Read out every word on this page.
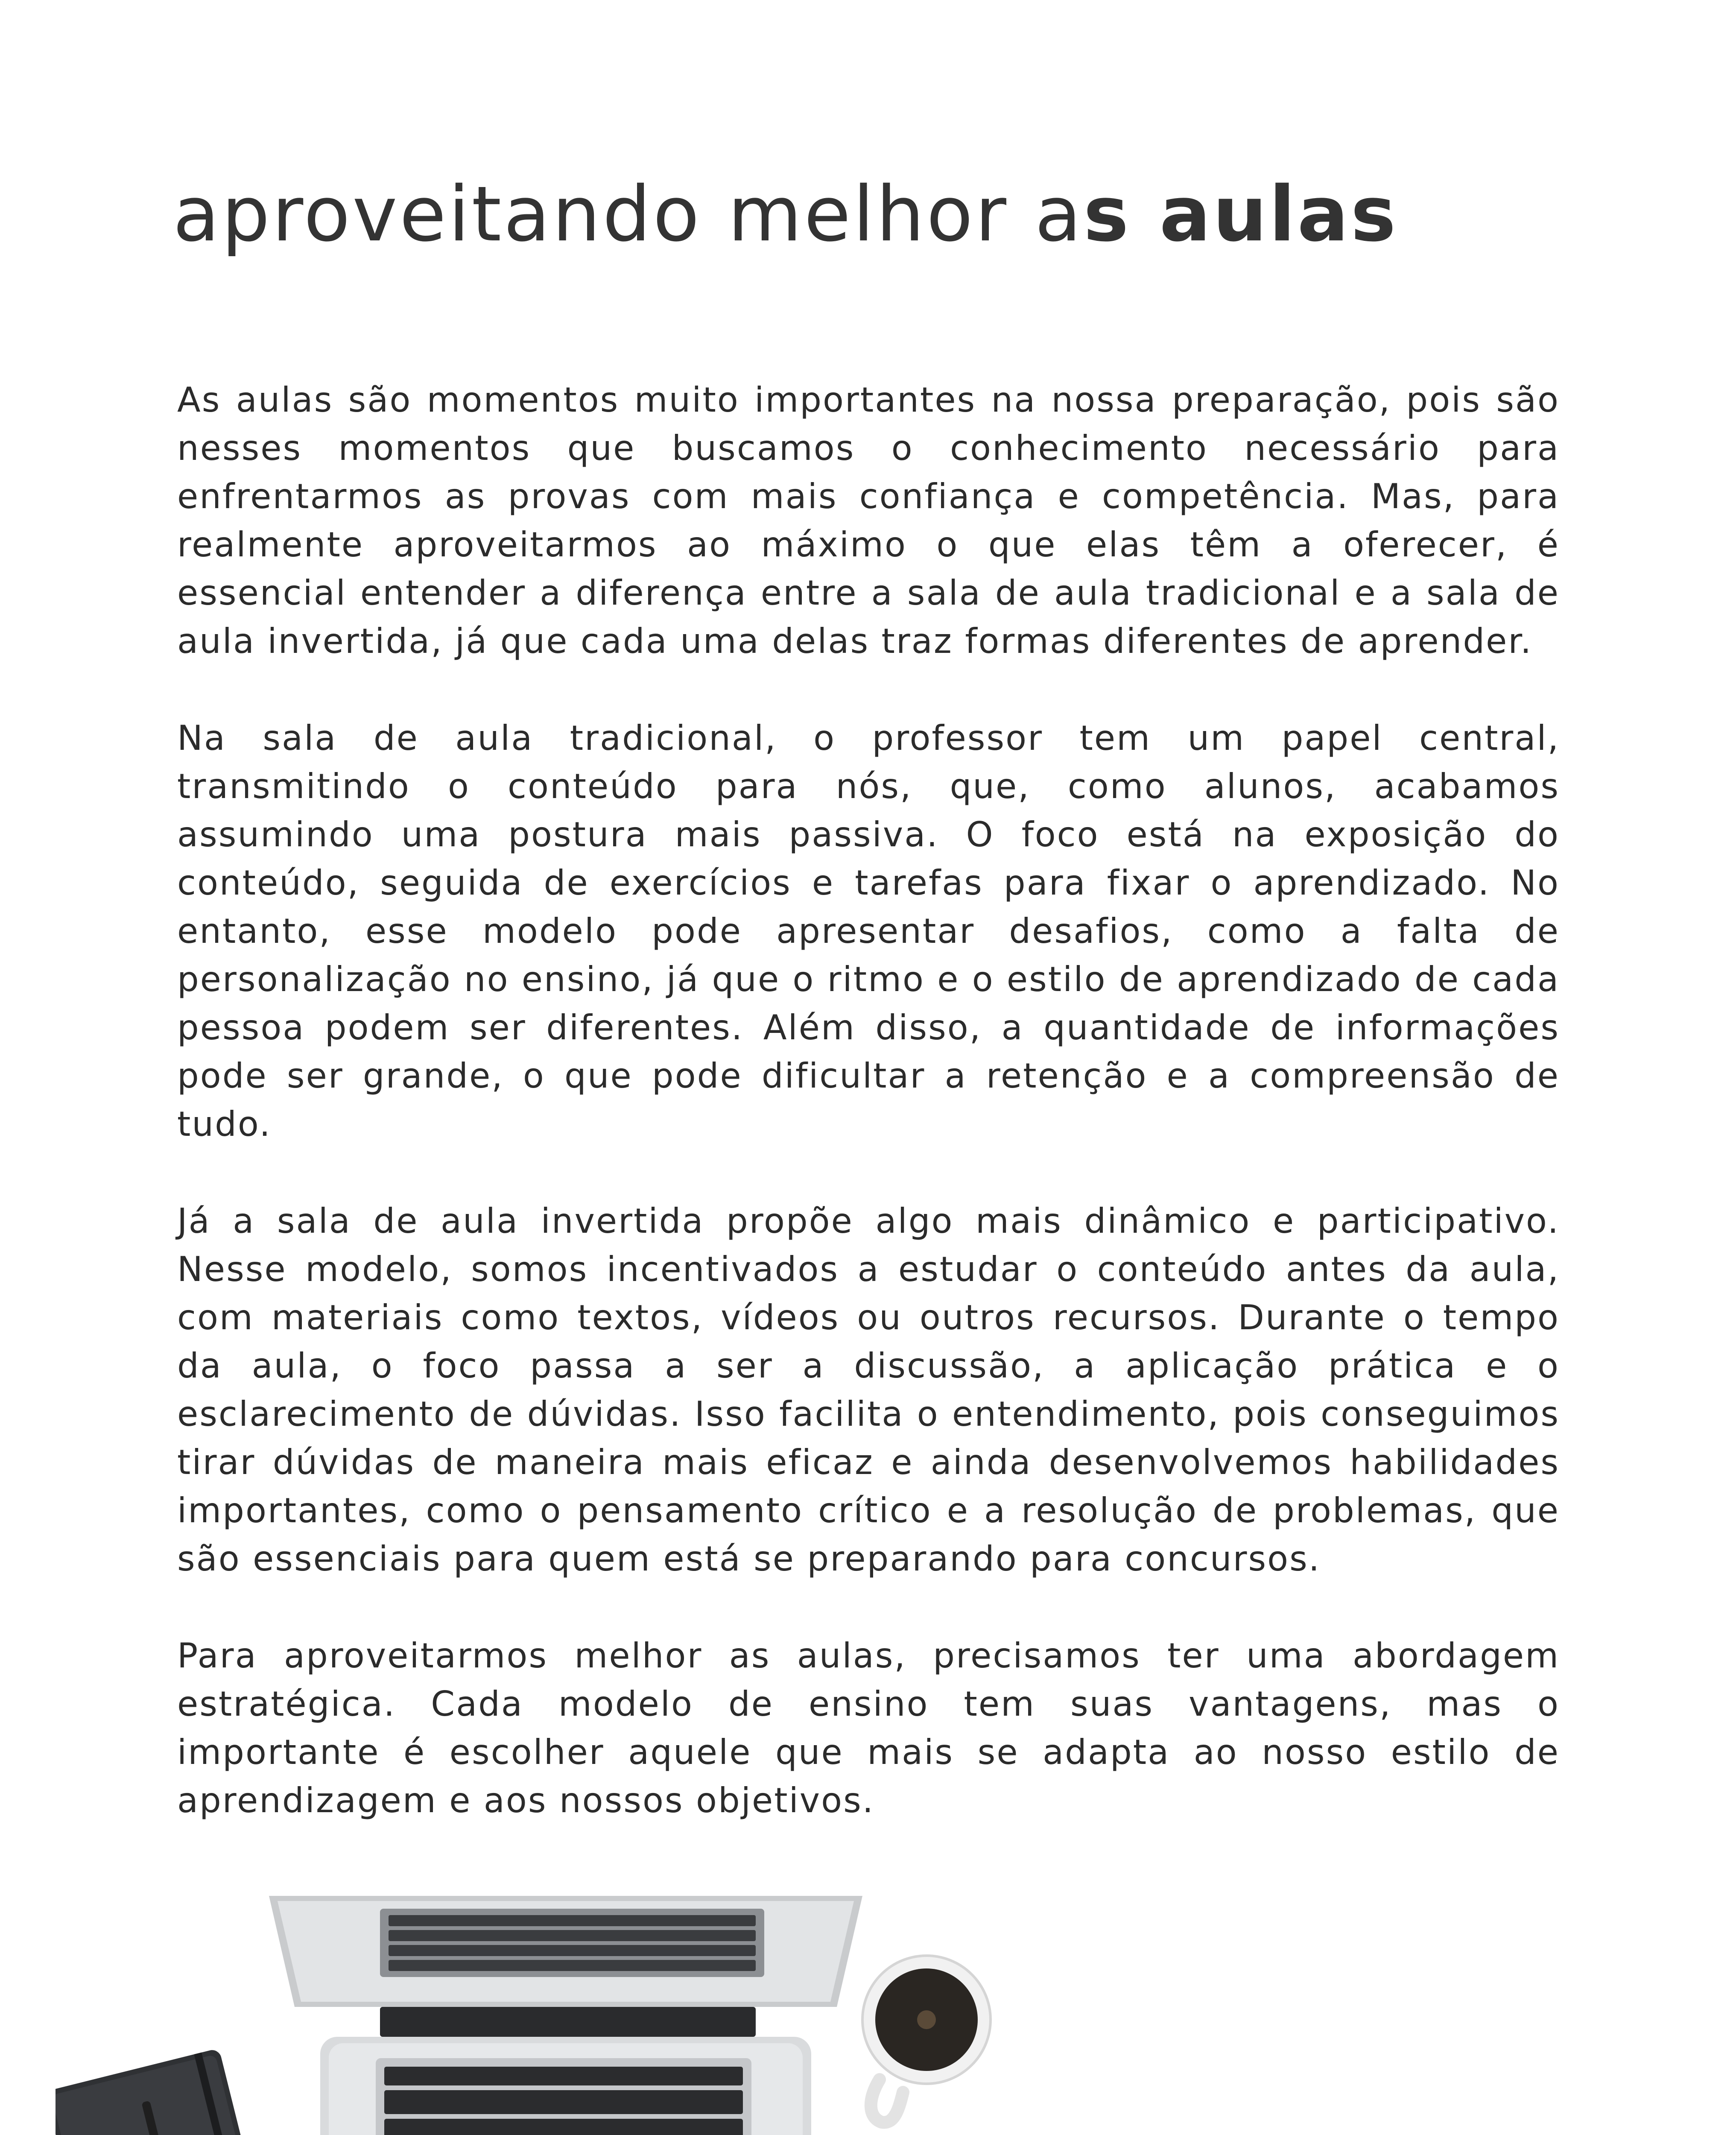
aproveitando melhor as aulas

As aulas são momentos muito importantes na nossa preparação, pois são nesses momentos que buscamos o conhecimento necessário para enfrentarmos as provas com mais confiança e competência. Mas, para realmente aproveitarmos ao máximo o que elas têm a oferecer, é essencial entender a diferença entre a sala de aula tradicional e a sala de aula invertida, já que cada uma delas traz formas diferentes de aprender.

Na sala de aula tradicional, o professor tem um papel central, transmitindo o conteúdo para nós, que, como alunos, acabamos assumindo uma postura mais passiva. O foco está na exposição do conteúdo, seguida de exercícios e tarefas para fixar o aprendizado. No entanto, esse modelo pode apresentar desafios, como a falta de personalização no ensino, já que o ritmo e o estilo de aprendizado de cada pessoa podem ser diferentes. Além disso, a quantidade de informações pode ser grande, o que pode dificultar a retenção e a compreensão de tudo.

Já a sala de aula invertida propõe algo mais dinâmico e participativo. Nesse modelo, somos incentivados a estudar o conteúdo antes da aula, com materiais como textos, vídeos ou outros recursos. Durante o tempo da aula, o foco passa a ser a discussão, a aplicação prática e o esclarecimento de dúvidas. Isso facilita o entendimento, pois conseguimos tirar dúvidas de maneira mais eficaz e ainda desenvolvemos habilidades importantes, como o pensamento crítico e a resolução de problemas, que são essenciais para quem está se preparando para concursos.

Para aproveitarmos melhor as aulas, precisamos ter uma abordagem estratégica. Cada modelo de ensino tem suas vantagens, mas o importante é escolher aquele que mais se adapta ao nosso estilo de aprendizagem e aos nossos objetivos.
